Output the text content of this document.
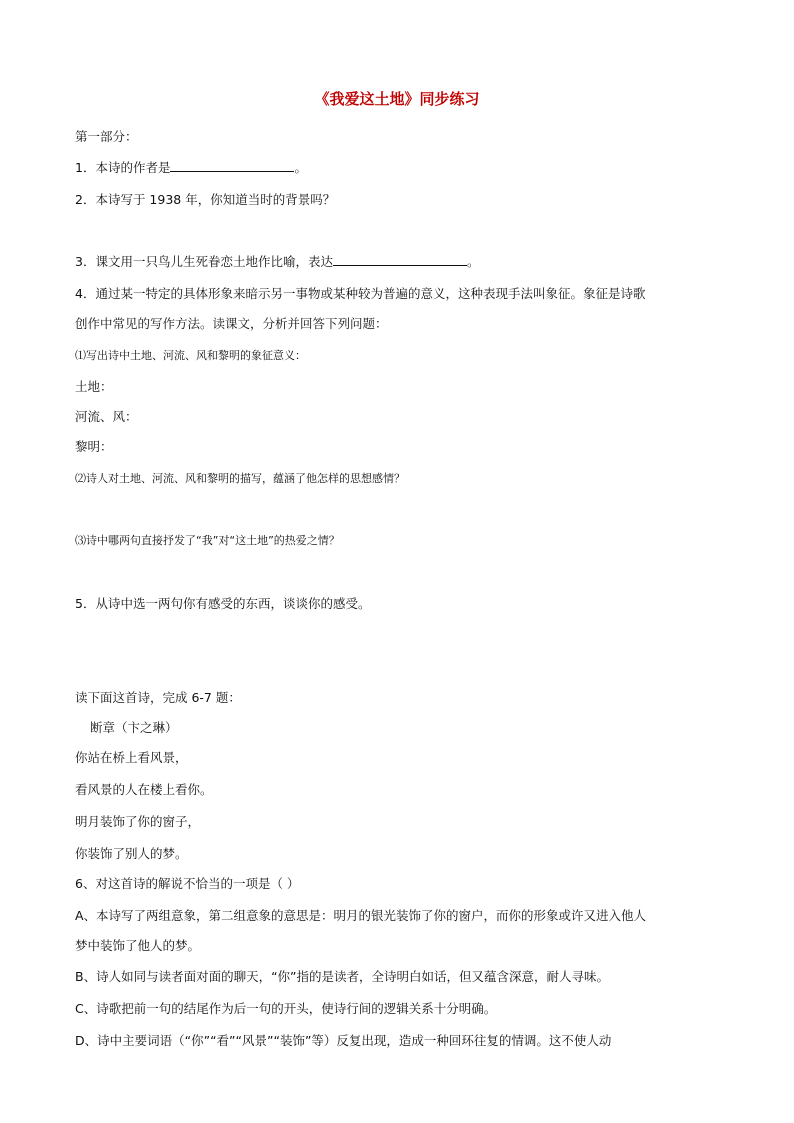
《我爱这土地》同步练习

第一部分：

1．本诗的作者是	。

2．本诗写于 1938 年，你知道当时的背景吗？

3．课文用一只鸟儿生死眷恋土地作比喻，表达	。

4．通过某一特定的具体形象来暗示另一事物或某种较为普遍的意义，这种表现手法叫象征。象征是诗歌

创作中常见的写作方法。读课文，分析并回答下列问题：

⑴写出诗中土地、河流、风和黎明的象征意义：

土地：

河流、风：

黎明：

⑵诗人对土地、河流、风和黎明的描写，蕴涵了他怎样的思想感情？

⑶诗中哪两句直接抒发了“我”对“这土地”的热爱之情？

5．从诗中选一两句你有感受的东西，谈谈你的感受。

读下面这首诗，完成 6-7 题：

断章（卞之琳）

你站在桥上看风景，

看风景的人在楼上看你。

明月装饰了你的窗子，

你装饰了别人的梦。

6、对这首诗的解说不恰当的一项是（ ）

A、本诗写了两组意象，第二组意象的意思是：明月的银光装饰了你的窗户，而你的形象或许又进入他人

梦中装饰了他人的梦。

B、诗人如同与读者面对面的聊天，“你”指的是读者，全诗明白如话，但又蕴含深意，耐人寻味。

C、诗歌把前一句的结尾作为后一句的开头，使诗行间的逻辑关系十分明确。

D、诗中主要词语（“你”“看”“风景”“装饰”等）反复出现，造成一种回环往复的情调。这不使人动
